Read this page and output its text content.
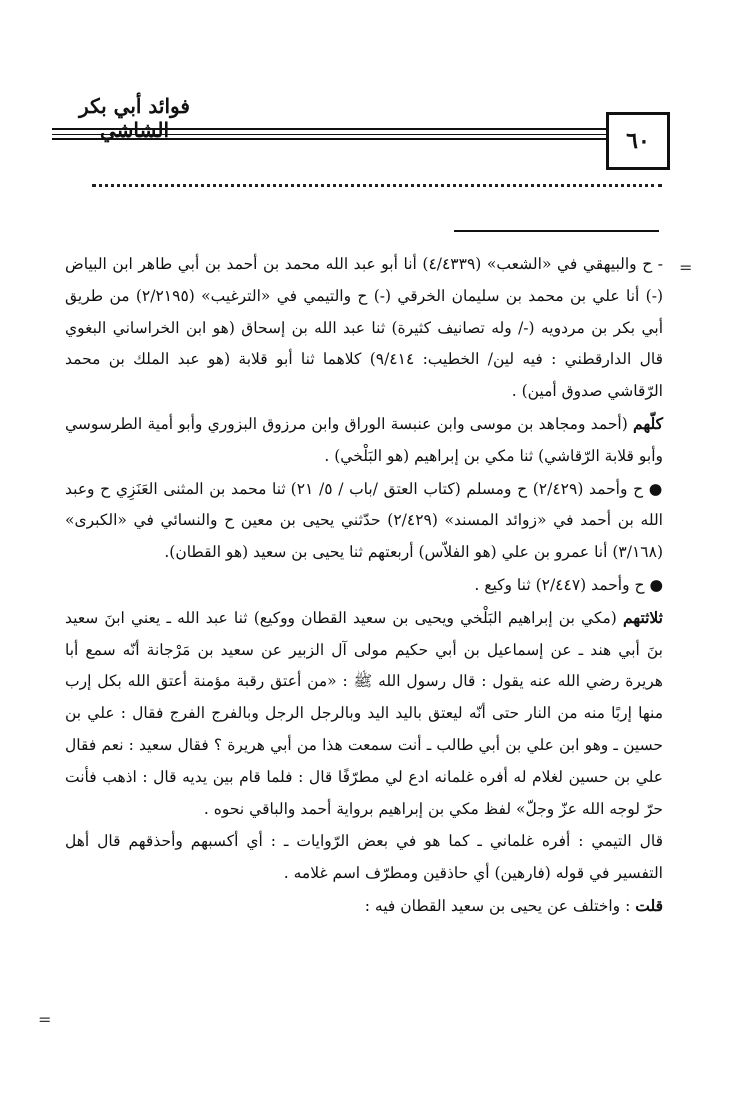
٦٠
فوائد أبي بكر الشاشي
=
=

- ح والبيهقي في «الشعب» (٤/٤٣٣٩) أنا أبو عبد الله محمد بن أحمد بن أبي طاهر ابن البياض (-) أنا علي بن محمد بن سليمان الخرقي (-) ح والتيمي في «الترغيب» (٢/٢١٩٥) من طريق أبي بكر بن مردويه (-/ وله تصانيف كثيرة) ثنا عبد الله بن إسحاق (هو ابن الخراساني البغوي قال الدارقطني : فيه لين/ الخطيب: ٩/٤١٤) كلاهما ثنا أبو قلابة (هو عبد الملك بن محمد الرّقاشي صدوق أمين) .

كلّهم (أحمد ومجاهد بن موسى وابن عنبسة الوراق وابن مرزوق البزوري وأبو أمية الطرسوسي وأبو قلابة الرّقاشي) ثنا مكي بن إبراهيم (هو البَلْخي) .

● ح وأحمد (٢/٤٢٩) ح ومسلم (كتاب العتق /باب / ٥/ ٢١) ثنا محمد بن المثنى العَنَزِي ح وعبد الله بن أحمد في «زوائد المسند» (٢/٤٢٩) حدّثني يحيى بن معين ح والنسائي في «الكبرى» (٣/١٦٨) أنا عمرو بن علي (هو الفلاّس) أربعتهم ثنا يحيى بن سعيد (هو القطان).

● ح وأحمد (٢/٤٤٧) ثنا وكيع .

ثلاثتهم (مكي بن إبراهيم البَلْخي ويحيى بن سعيد القطان ووكيع) ثنا عبد الله ـ يعني ابنَ سعيد بنَ أبي هند ـ عن إسماعيل بن أبي حكيم مولى آل الزبير عن سعيد بن مَرْجانة أنّه سمع أبا هريرة رضي الله عنه يقول : قال رسول الله ﷺ : «من أعتق رقبة مؤمنة أعتق الله بكل إرب منها إربًا منه من النار حتى أنّه ليعتق باليد اليد وبالرجل الرجل وبالفرج الفرج فقال : علي بن حسين ـ وهو ابن علي بن أبي طالب ـ أنت سمعت هذا من أبي هريرة ؟ فقال سعيد : نعم فقال علي بن حسين لغلام له أفره غلمانه ادع لي مطرّفًا قال : فلما قام بين يديه قال : اذهب فأنت حرّ لوجه الله عزّ وجلّ» لفظ مكي بن إبراهيم برواية أحمد والباقي نحوه .

قال التيمي : أفره غلماني ـ كما هو في بعض الرّوايات ـ : أي أكسبهم وأحذقهم قال أهل التفسير في قوله (فارهين) أي حاذقين ومطرّف اسم غلامه .

قلت : واختلف عن يحيى بن سعيد القطان فيه :
